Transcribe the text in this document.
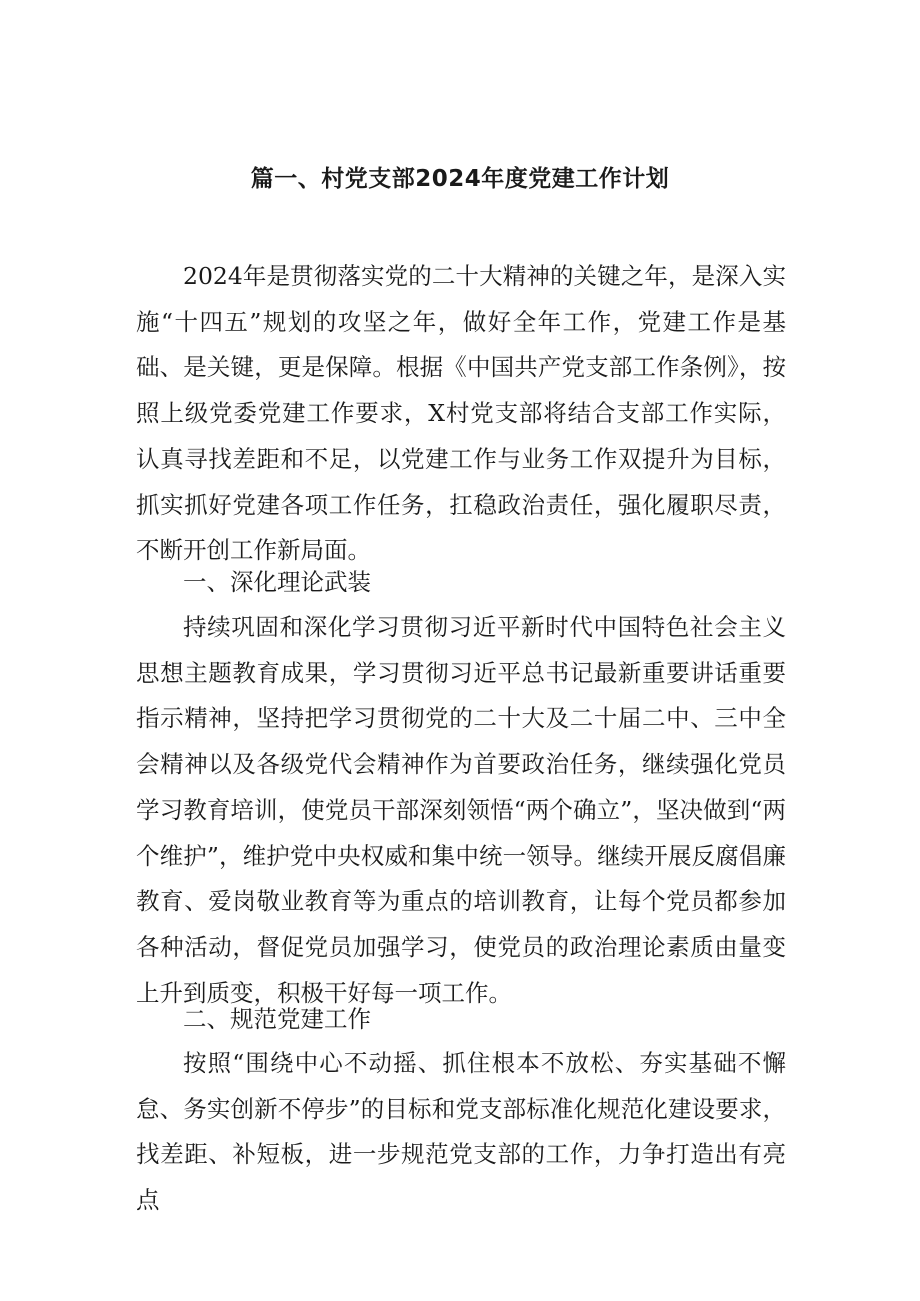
篇一、村党支部2024年度党建工作计划

2024年是贯彻落实党的二十大精神的关键之年，是深入实施“十四五”规划的攻坚之年，做好全年工作，党建工作是基础、是关键，更是保障。根据《中国共产党支部工作条例》，按照上级党委党建工作要求，X村党支部将结合支部工作实际，认真寻找差距和不足，以党建工作与业务工作双提升为目标，抓实抓好党建各项工作任务，扛稳政治责任，强化履职尽责，不断开创工作新局面。

一、深化理论武装

持续巩固和深化学习贯彻习近平新时代中国特色社会主义思想主题教育成果，学习贯彻习近平总书记最新重要讲话重要指示精神，坚持把学习贯彻党的二十大及二十届二中、三中全会精神以及各级党代会精神作为首要政治任务，继续强化党员学习教育培训，使党员干部深刻领悟“两个确立”，坚决做到“两个维护”，维护党中央权威和集中统一领导。继续开展反腐倡廉教育、爱岗敬业教育等为重点的培训教育，让每个党员都参加各种活动，督促党员加强学习，使党员的政治理论素质由量变上升到质变，积极干好每一项工作。

二、规范党建工作

按照“围绕中心不动摇、抓住根本不放松、夯实基础不懈怠、务实创新不停步”的目标和党支部标准化规范化建设要求，找差距、补短板，进一步规范党支部的工作，力争打造出有亮点
